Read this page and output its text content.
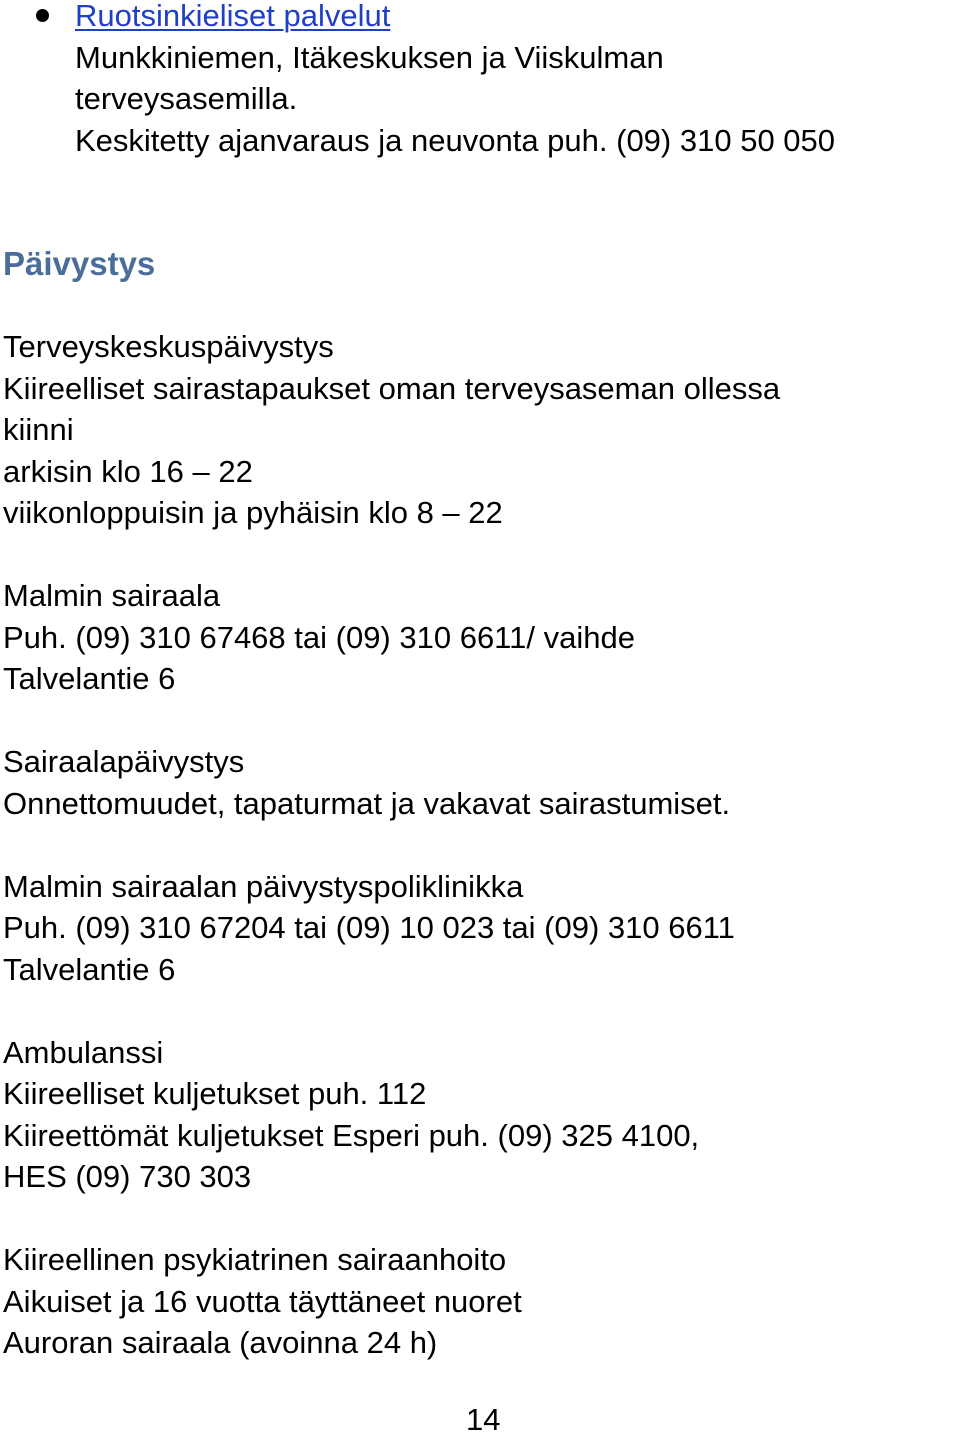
Ruotsinkieliset palvelut

Munkkiniemen, Itäkeskuksen ja Viiskulman

terveysasemilla.

Keskitetty ajanvaraus ja neuvonta puh. (09) 310 50 050

Päivystys

Terveyskeskuspäivystys

Kiireelliset sairastapaukset oman terveysaseman ollessa

kiinni

arkisin klo 16 – 22

viikonloppuisin ja pyhäisin klo 8 – 22

Malmin sairaala

Puh. (09) 310 67468 tai (09) 310 6611/ vaihde

Talvelantie 6

Sairaalapäivystys

Onnettomuudet, tapaturmat ja vakavat sairastumiset.

Malmin sairaalan päivystyspoliklinikka

Puh. (09) 310 67204 tai (09) 10 023 tai (09) 310 6611

Talvelantie 6

Ambulanssi

Kiireelliset kuljetukset puh. 112

Kiireettömät kuljetukset Esperi puh. (09) 325 4100,

HES (09) 730 303

Kiireellinen psykiatrinen sairaanhoito

Aikuiset ja 16 vuotta täyttäneet nuoret

Auroran sairaala (avoinna 24 h)

14
